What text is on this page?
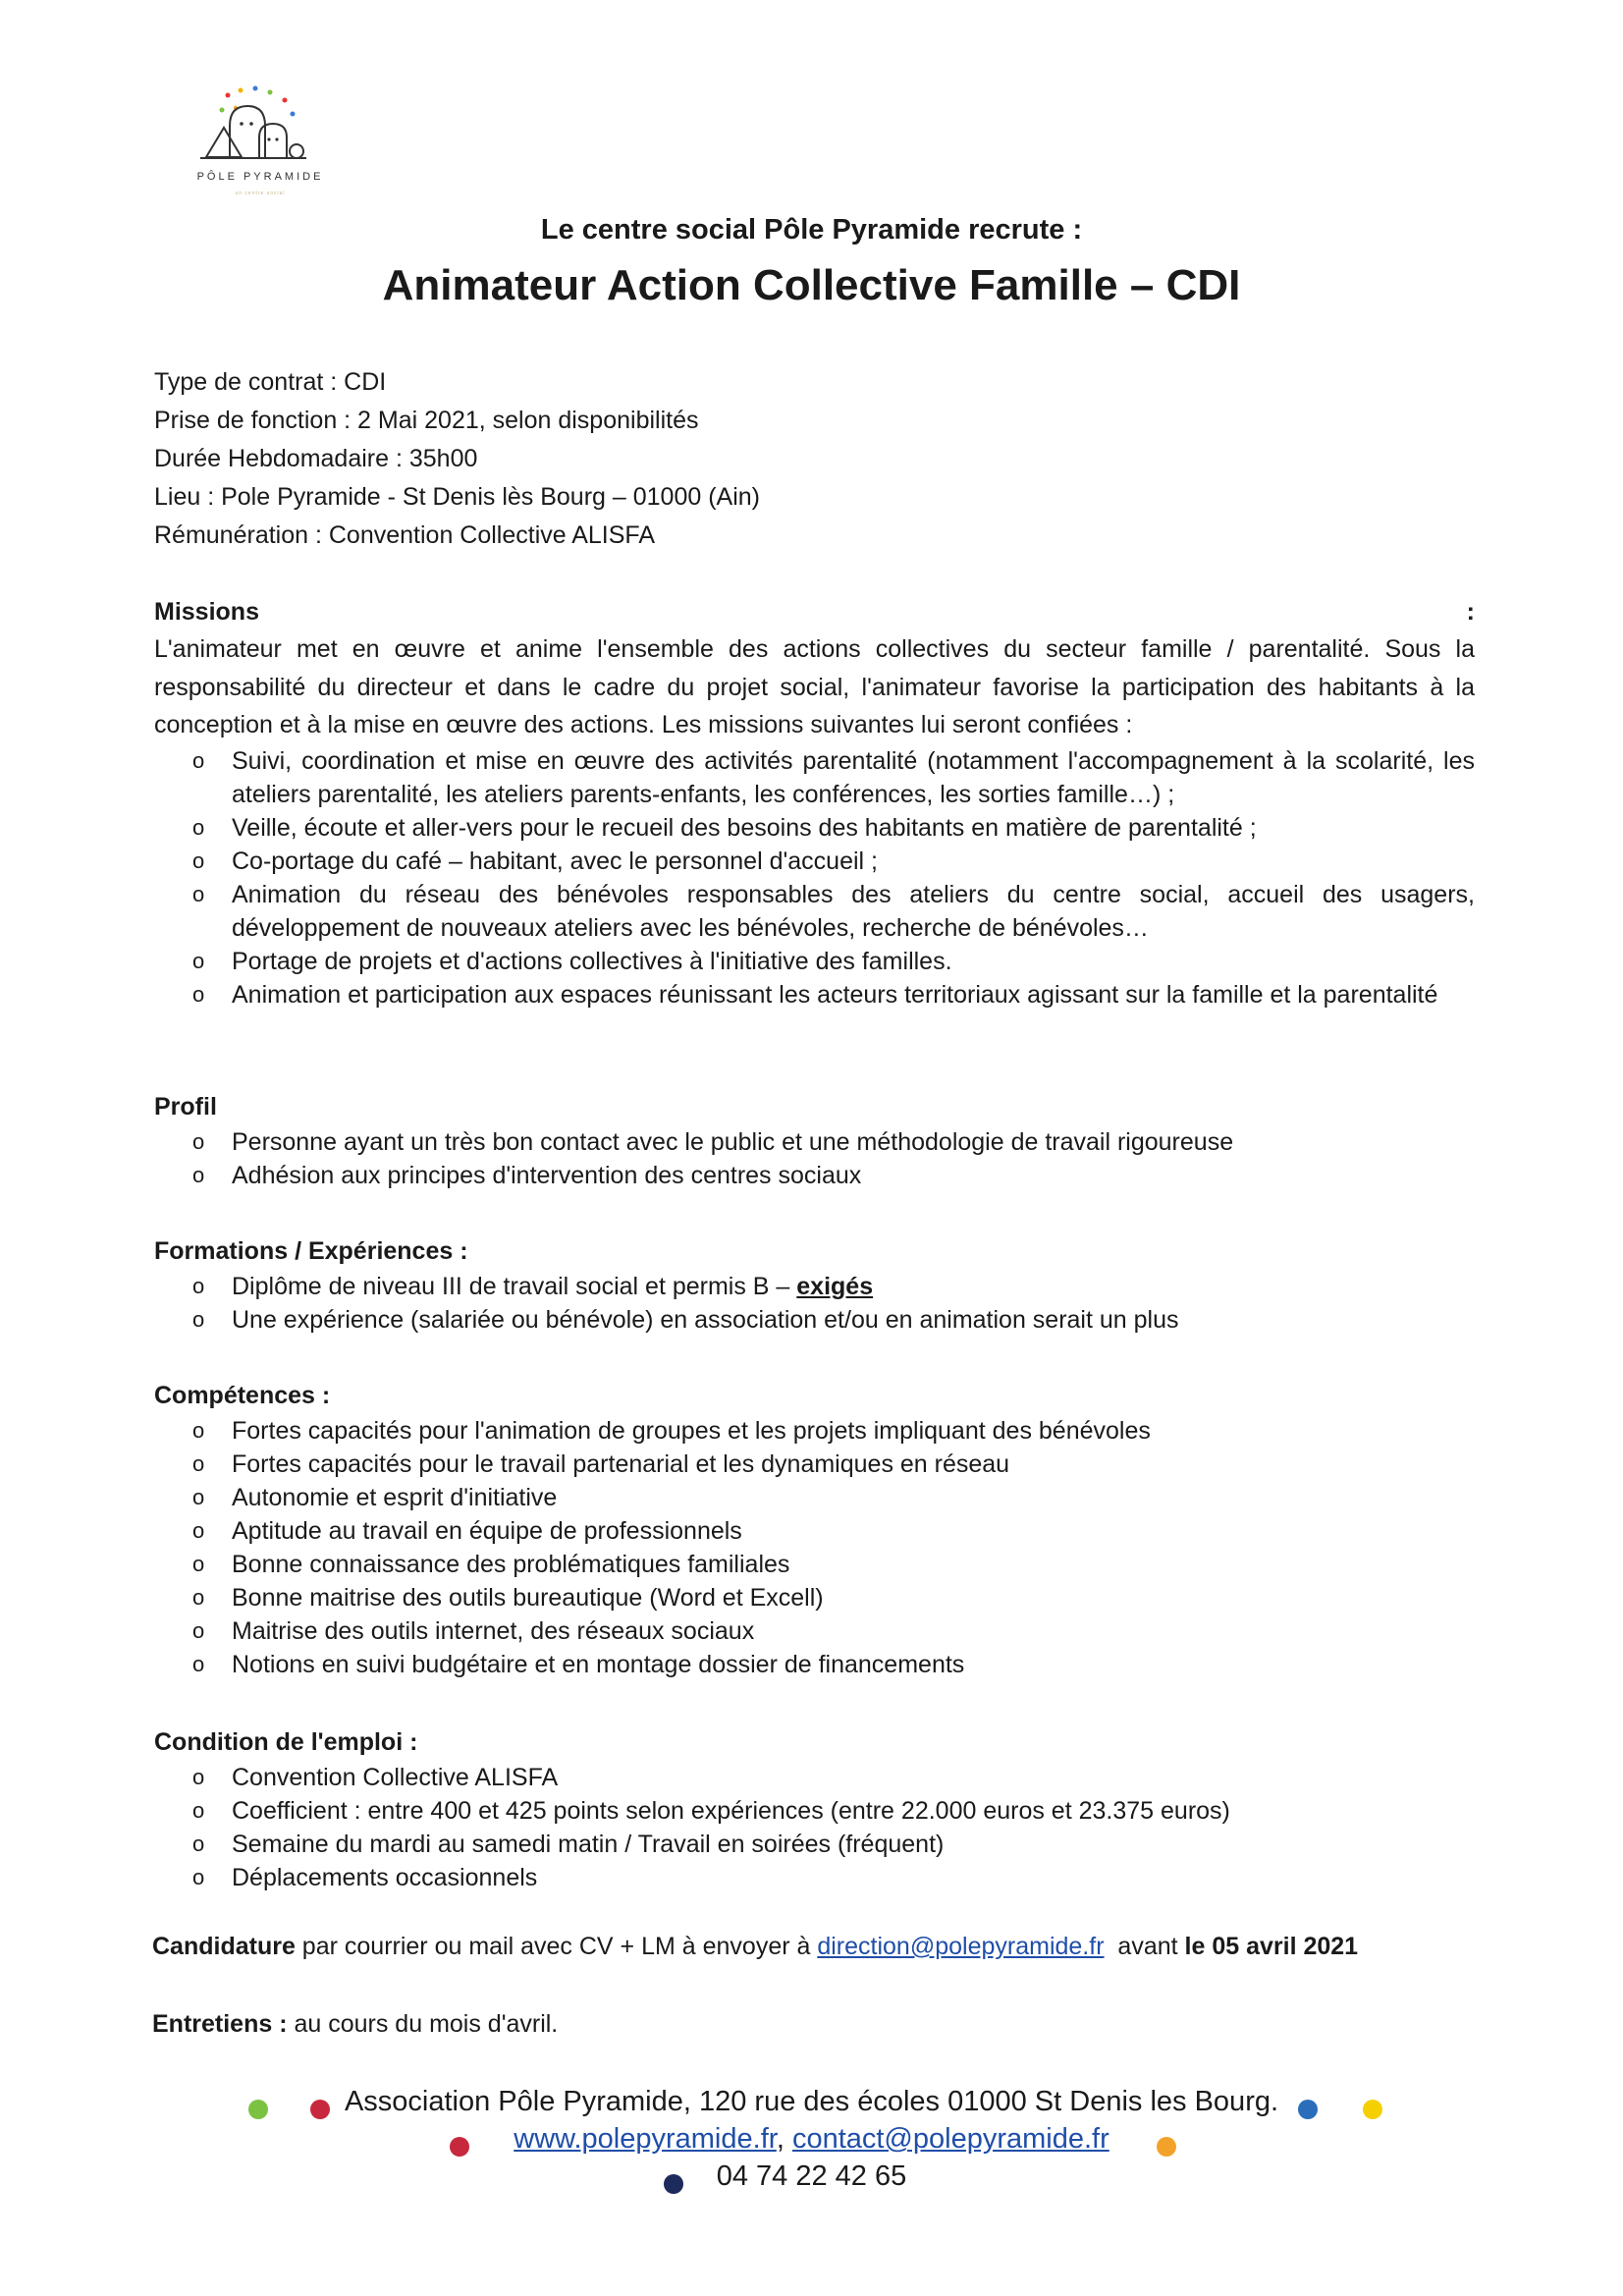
PÔLE PYRAMIDE
un centre social
Le centre social Pôle Pyramide recrute :
Animateur Action Collective Famille – CDI
Type de contrat : CDI
Prise de fonction : 2 Mai 2021, selon disponibilités
Durée Hebdomadaire : 35h00
Lieu : Pole Pyramide - St Denis lès Bourg – 01000 (Ain)
Rémunération : Convention Collective ALISFA
Missions	:
L'animateur met en œuvre et anime l'ensemble des actions collectives du secteur famille / parentalité. Sous la responsabilité du directeur et dans le cadre du projet social, l'animateur favorise la participation des habitants à la conception et à la mise en œuvre des actions. Les missions suivantes lui seront confiées :
o Suivi, coordination et mise en œuvre des activités parentalité (notamment l'accompagnement à la scolarité, les ateliers parentalité, les ateliers parents-enfants, les conférences, les sorties famille…) ;
o Veille, écoute et aller-vers pour le recueil des besoins des habitants en matière de parentalité ;
o Co-portage du café – habitant, avec le personnel d'accueil ;
o Animation du réseau des bénévoles responsables des ateliers du centre social, accueil des usagers, développement de nouveaux ateliers avec les bénévoles, recherche de bénévoles…
o Portage de projets et d'actions collectives à l'initiative des familles.
o Animation et participation aux espaces réunissant les acteurs territoriaux agissant sur la famille et la parentalité
Profil
o Personne ayant un très bon contact avec le public et une méthodologie de travail rigoureuse
o Adhésion aux principes d'intervention des centres sociaux
Formations / Expériences :
o Diplôme de niveau III de travail social et permis B – exigés
o Une expérience (salariée ou bénévole) en association et/ou en animation serait un plus
Compétences :
o Fortes capacités pour l'animation de groupes et les projets impliquant des bénévoles
o Fortes capacités pour le travail partenarial et les dynamiques en réseau
o Autonomie et esprit d'initiative
o Aptitude au travail en équipe de professionnels
o Bonne connaissance des problématiques familiales
o Bonne maitrise des outils bureautique (Word et Excell)
o Maitrise des outils internet, des réseaux sociaux
o Notions en suivi budgétaire et en montage dossier de financements
Condition de l'emploi :
o Convention Collective ALISFA
o Coefficient : entre 400 et 425 points selon expériences (entre 22.000 euros et 23.375 euros)
o Semaine du mardi au samedi matin / Travail en soirées (fréquent)
o Déplacements occasionnels
Candidature par courrier ou mail avec CV + LM à envoyer à direction@polepyramide.fr  avant le 05 avril 2021
Entretiens : au cours du mois d'avril.
Association Pôle Pyramide, 120 rue des écoles 01000 St Denis les Bourg.
www.polepyramide.fr, contact@polepyramide.fr
04 74 22 42 65
